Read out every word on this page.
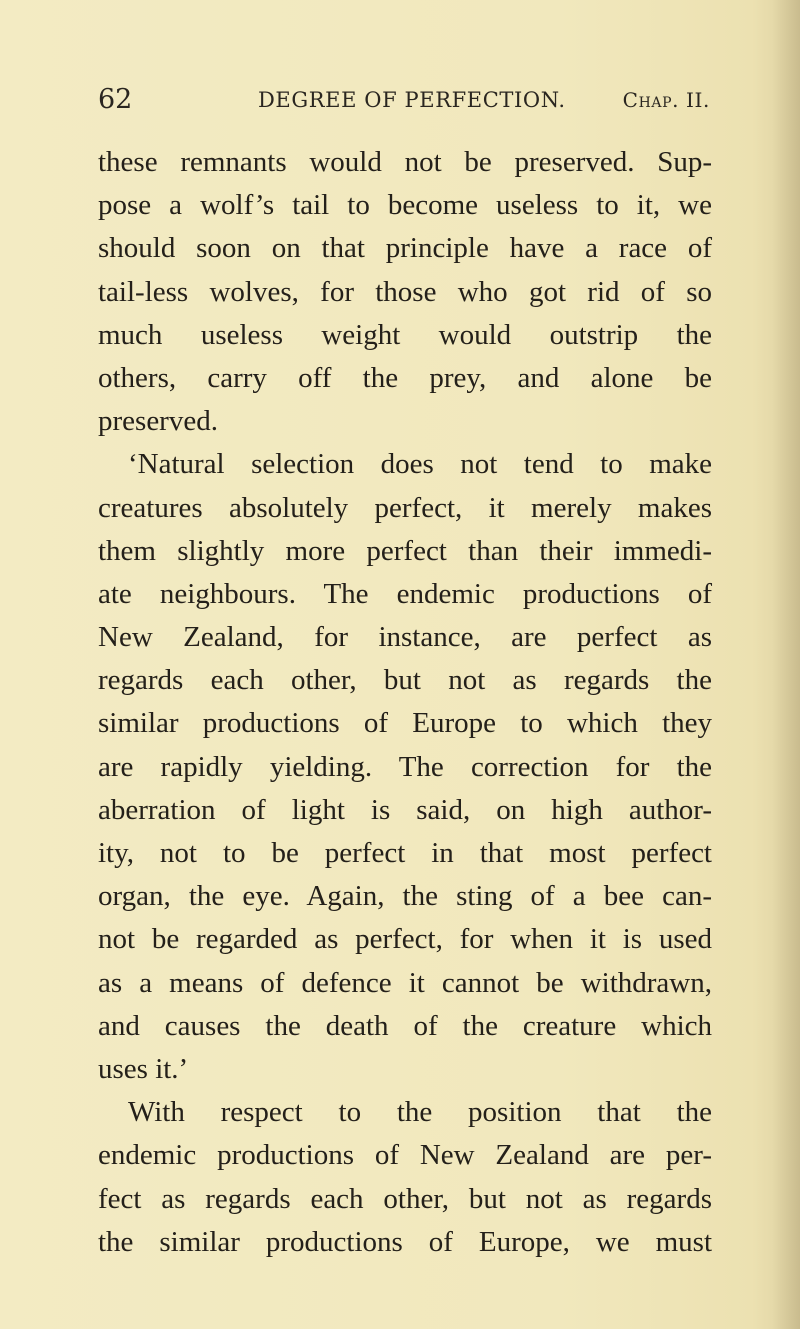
62	DEGREE OF PERFECTION.	Chap. II.
these remnants would not be preserved. Sup-
pose a wolf’s tail to become useless to it, we
should soon on that principle have a race of
tail-less wolves, for those who got rid of so
much useless weight would outstrip the
others, carry off the prey, and alone be
preserved.
‘Natural selection does not tend to make
creatures absolutely perfect, it merely makes
them slightly more perfect than their immedi-
ate neighbours. The endemic productions of
New Zealand, for instance, are perfect as
regards each other, but not as regards the
similar productions of Europe to which they
are rapidly yielding. The correction for the
aberration of light is said, on high author-
ity, not to be perfect in that most perfect
organ, the eye. Again, the sting of a bee can-
not be regarded as perfect, for when it is used
as a means of defence it cannot be withdrawn,
and causes the death of the creature which
uses it.’
With respect to the position that the
endemic productions of New Zealand are per-
fect as regards each other, but not as regards
the similar productions of Europe, we must
